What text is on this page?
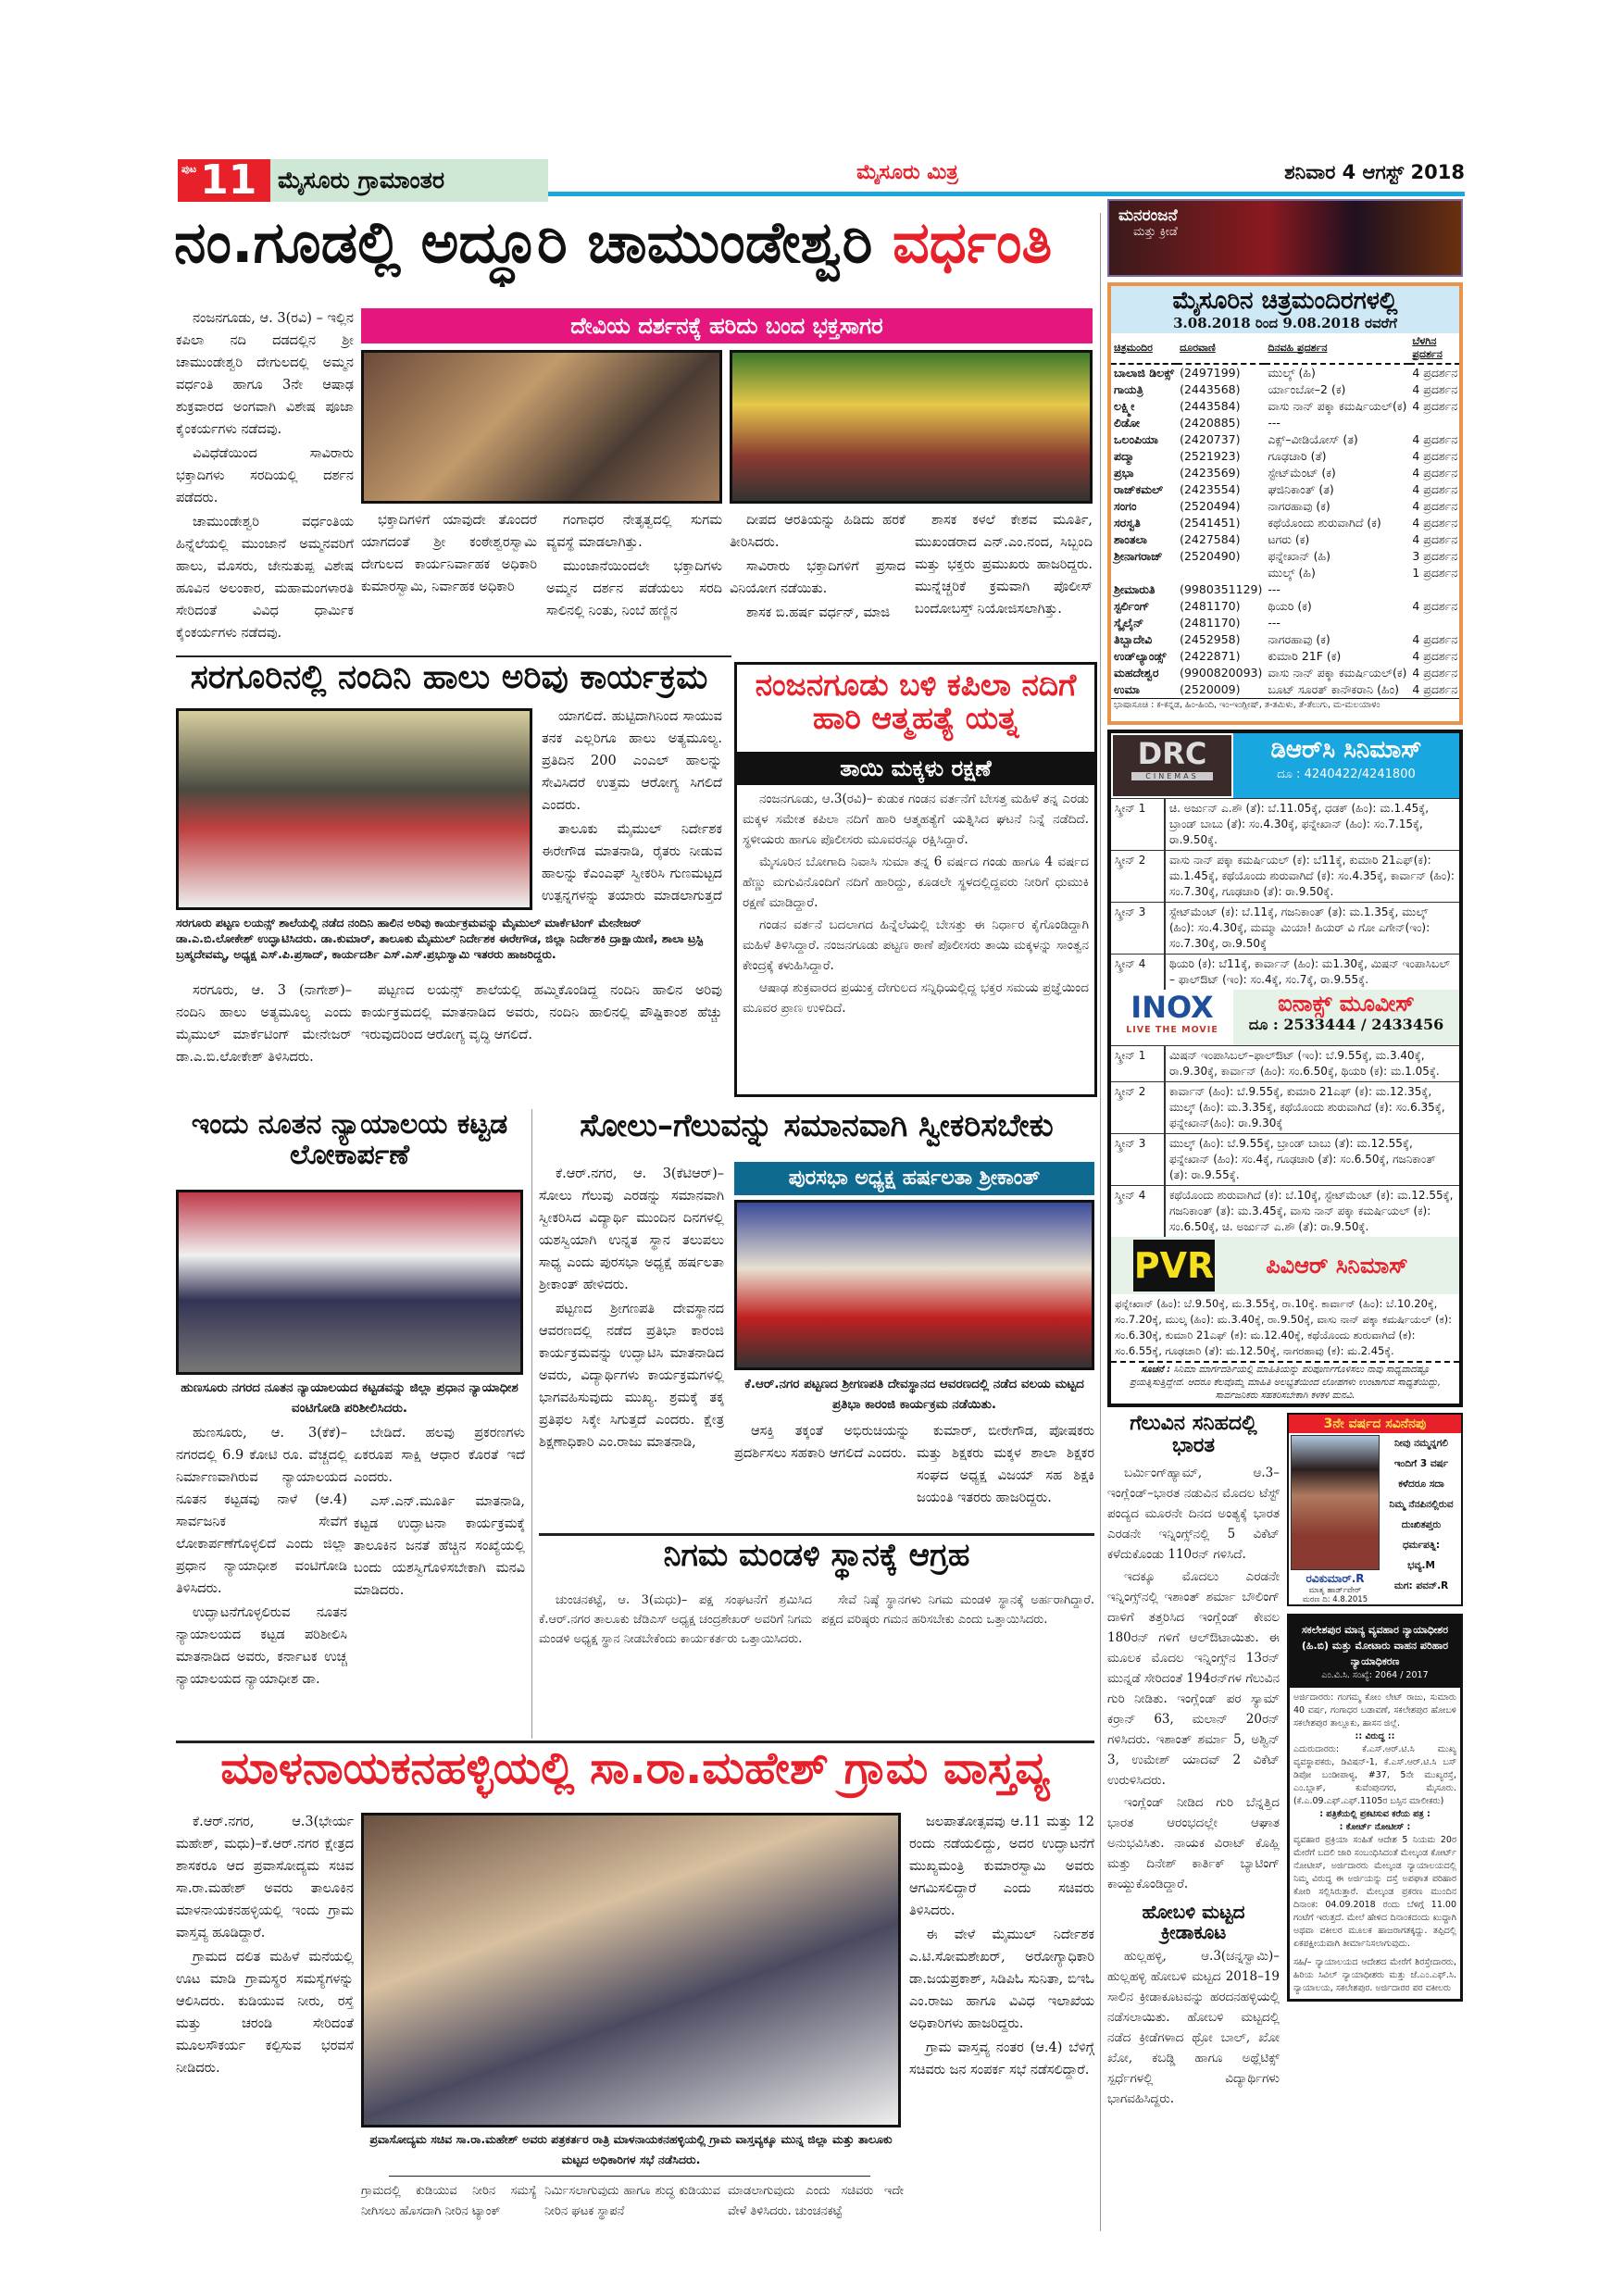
ಪುಟ 11 ಮೈಸೂರು ಗ್ರಾಮಾಂತರ	ಮೈಸೂರು ಮಿತ್ರ	ಶನಿವಾರ 4 ಆಗಸ್ಟ್ 2018
ನಂ.ಗೂಡಲ್ಲಿ ಅದ್ಧೂರಿ ಚಾಮುಂಡೇಶ್ವರಿ ವರ್ಧಂತಿ
ದೇವಿಯ ದರ್ಶನಕ್ಕೆ ಹರಿದು ಬಂದ ಭಕ್ತಸಾಗರ

ನಂಜನಗೂಡು, ಆ. 3(ರವಿ) – ಇಲ್ಲಿನ ಕಪಿಲಾ ನದಿ ದಡದಲ್ಲಿನ ಶ್ರೀ ಚಾಮುಂಡೇಶ್ವರಿ ದೇಗುಲದಲ್ಲಿ ಅಮ್ಮನ ವರ್ಧಂತಿ ಹಾಗೂ 3ನೇ ಆಷಾಢ ಶುಕ್ರವಾರದ ಅಂಗವಾಗಿ ವಿಶೇಷ ಪೂಜಾ ಕೈಂಕರ್ಯಗಳು ನಡೆದವು.

ವಿವಿಧೆಡೆಯಿಂದ ಸಾವಿರಾರು ಭಕ್ತಾದಿಗಳು ಸರದಿಯಲ್ಲಿ ದರ್ಶನ ಪಡೆದರು.

ಚಾಮುಂಡೇಶ್ವರಿ ವರ್ಧಂತಿಯ ಹಿನ್ನೆಲೆಯಲ್ಲಿ ಮುಂಜಾನೆ ಅಮ್ಮನವರಿಗೆ ಹಾಲು, ಮೊಸರು, ಜೇನುತುಪ್ಪ ವಿಶೇಷ ಹೂವಿನ ಅಲಂಕಾರ, ಮಹಾಮಂಗಳಾರತಿ ಸೇರಿದಂತೆ ವಿವಿಧ ಧಾರ್ಮಿಕ ಕೈಂಕರ್ಯಗಳು ನಡೆದವು.

ಭಕ್ತಾದಿಗಳಿಗೆ ಯಾವುದೇ ತೊಂದರೆ ಯಾಗದಂತೆ ಶ್ರೀ ಕಂಠೇಶ್ವರಸ್ವಾಮಿ ದೇಗುಲದ ಕಾರ್ಯನಿರ್ವಾಹಕ ಅಧಿಕಾರಿ ಕುಮಾರಸ್ವಾಮಿ, ನಿರ್ವಾಹಕ ಅಧಿಕಾರಿ

ಗಂಗಾಧರ ನೇತೃತ್ವದಲ್ಲಿ ಸುಗಮ ವ್ಯವಸ್ಥೆ ಮಾಡಲಾಗಿತ್ತು.

ಮುಂಜಾನೆಯಿಂದಲೇ ಭಕ್ತಾದಿಗಳು ಅಮ್ಮನ ದರ್ಶನ ಪಡೆಯಲು ಸರದಿ ಸಾಲಿನಲ್ಲಿ ನಿಂತು, ನಿಂಬೆ ಹಣ್ಣಿನ

ದೀಪದ ಆರತಿಯನ್ನು ಹಿಡಿದು ಹರಕೆ ತೀರಿಸಿದರು.

ಸಾವಿರಾರು ಭಕ್ತಾದಿಗಳಿಗೆ ಪ್ರಸಾದ ವಿನಿಯೋಗ ನಡೆಯಿತು.

ಶಾಸಕ ಬಿ.ಹರ್ಷ ವರ್ಧನ್, ಮಾಜಿ

ಶಾಸಕ ಕಳಲೆ ಕೇಶವ ಮೂರ್ತಿ, ಮುಖಂಡರಾದ ಎನ್.ಎಂ.ನಂದ, ಸಿಬ್ಬಂದಿ ಮತ್ತು ಭಕ್ತರು ಪ್ರಮುಖರು ಹಾಜರಿದ್ದರು. ಮುನ್ನೆಚ್ಚರಿಕೆ ಕ್ರಮವಾಗಿ ಪೊಲೀಸ್ ಬಂದೋಬಸ್ತ್ ನಿಯೋಜಿಸಲಾಗಿತ್ತು.

ಸರಗೂರಿನಲ್ಲಿ ನಂದಿನಿ ಹಾಲು ಅರಿವು ಕಾರ್ಯಕ್ರಮ

ಯಾಗಲಿದೆ. ಹುಟ್ಟಿದಾಗಿನಿಂದ ಸಾಯುವ ತನಕ ಎಲ್ಲರಿಗೂ ಹಾಲು ಅತ್ಯಮೂಲ್ಯ. ಪ್ರತಿದಿನ 200 ಎಂಎಲ್ ಹಾಲನ್ನು ಸೇವಿಸಿದರೆ ಉತ್ತಮ ಆರೋಗ್ಯ ಸಿಗಲಿದೆ ಎಂದರು.

ತಾಲೂಕು ಮೈಮುಲ್ ನಿರ್ದೇಶಕ ಈರೇಗೌಡ ಮಾತನಾಡಿ, ರೈತರು ನೀಡುವ ಹಾಲನ್ನು ಕೆಎಂಎಫ್ ಸ್ವೀಕರಿಸಿ ಗುಣಮಟ್ಟದ ಉತ್ಪನ್ನಗಳನ್ನು ತಯಾರು ಮಾಡಲಾಗುತ್ತದೆ

ಸರಗೂರು ಪಟ್ಟಣ ಲಯನ್ಸ್ ಶಾಲೆಯಲ್ಲಿ ನಡೆದ ನಂದಿನಿ ಹಾಲಿನ ಅರಿವು ಕಾರ್ಯಕ್ರಮವನ್ನು ಮೈಮುಲ್ ಮಾರ್ಕೆಟಿಂಗ್ ಮೇನೇಜರ್ ಡಾ.ಎ.ಬಿ.ಲೋಕೇಶ್ ಉದ್ಘಾಟಿಸಿದರು. ಡಾ.ಕುಮಾರ್, ತಾಲೂಕು ಮೈಮುಲ್ ನಿರ್ದೇಶಕ ಈರೇಗೌಡ, ಜಿಲ್ಲಾ ನಿರ್ದೇಶಕಿ ದ್ರಾಕ್ಷಾಯಿಣಿ, ಶಾಲಾ ಟ್ರಸ್ಟಿ ಬ್ರಹ್ಮದೇವಮ್ಮ, ಅಧ್ಯಕ್ಷ ಎಸ್.ಪಿ.ಪ್ರಸಾದ್, ಕಾರ್ಯದರ್ಶಿ ಎಸ್.ಎಸ್.ಪ್ರಭುಸ್ವಾಮಿ ಇತರರು ಹಾಜರಿದ್ದರು.

ಸರಗೂರು, ಆ. 3 (ನಾಗೇಶ್)– ನಂದಿನಿ ಹಾಲು ಅತ್ಯಮೂಲ್ಯ ಎಂದು ಮೈಮುಲ್ ಮಾರ್ಕೆಟಿಂಗ್ ಮೇನೇಜರ್ ಡಾ.ಎ.ಬಿ.ಲೋಕೇಶ್ ತಿಳಿಸಿದರು.

ಪಟ್ಟಣದ ಲಯನ್ಸ್ ಶಾಲೆಯಲ್ಲಿ ಹಮ್ಮಿಕೊಂಡಿದ್ದ ನಂದಿನಿ ಹಾಲಿನ ಅರಿವು ಕಾರ್ಯಕ್ರಮದಲ್ಲಿ ಮಾತನಾಡಿದ ಅವರು, ನಂದಿನಿ ಹಾಲಿನಲ್ಲಿ ಪೌಷ್ಟಿಕಾಂಶ ಹೆಚ್ಚು ಇರುವುದರಿಂದ ಆರೋಗ್ಯ ವೃದ್ಧಿ ಆಗಲಿದೆ.

ನಂಜನಗೂಡು ಬಳಿ ಕಪಿಲಾ ನದಿಗೆ ಹಾರಿ ಆತ್ಮಹತ್ಯೆ ಯತ್ನ
ತಾಯಿ ಮಕ್ಕಳು ರಕ್ಷಣೆ

ನಂಜನಗೂಡು, ಆ.3(ರವಿ)– ಕುಡುಕ ಗಂಡನ ವರ್ತನೆಗೆ ಬೇಸತ್ತ ಮಹಿಳೆ ತನ್ನ ಎರಡು ಮಕ್ಕಳ ಸಮೇತ ಕಪಿಲಾ ನದಿಗೆ ಹಾರಿ ಆತ್ಮಹತ್ಯೆಗೆ ಯತ್ನಿಸಿದ ಘಟನೆ ನಿನ್ನೆ ನಡೆದಿದೆ. ಸ್ಥಳೀಯರು ಹಾಗೂ ಪೊಲೀಸರು ಮೂವರನ್ನೂ ರಕ್ಷಿಸಿದ್ದಾರೆ.

ಮೈಸೂರಿನ ಬೋಗಾದಿ ನಿವಾಸಿ ಸುಮಾ ತನ್ನ 6 ವರ್ಷದ ಗಂಡು ಹಾಗೂ 4 ವರ್ಷದ ಹೆಣ್ಣು ಮಗುವಿನೊಂದಿಗೆ ನದಿಗೆ ಹಾರಿದ್ದು, ಕೂಡಲೇ ಸ್ಥಳದಲ್ಲಿದ್ದವರು ನೀರಿಗೆ ಧುಮುಕಿ ರಕ್ಷಣೆ ಮಾಡಿದ್ದಾರೆ.

ಗಂಡನ ವರ್ತನೆ ಬದಲಾಗದ ಹಿನ್ನೆಲೆಯಲ್ಲಿ ಬೇಸತ್ತು ಈ ನಿರ್ಧಾರ ಕೈಗೊಂಡಿದ್ದಾಗಿ ಮಹಿಳೆ ತಿಳಿಸಿದ್ದಾರೆ. ನಂಜನಗೂಡು ಪಟ್ಟಣ ಠಾಣೆ ಪೊಲೀಸರು ತಾಯಿ ಮಕ್ಕಳನ್ನು ಸಾಂತ್ವನ ಕೇಂದ್ರಕ್ಕೆ ಕಳುಹಿಸಿದ್ದಾರೆ.

ಆಷಾಢ ಶುಕ್ರವಾರದ ಪ್ರಯುಕ್ತ ದೇಗುಲದ ಸನ್ನಿಧಿಯಲ್ಲಿದ್ದ ಭಕ್ತರ ಸಮಯ ಪ್ರಜ್ಞೆಯಿಂದ ಮೂವರ ಪ್ರಾಣ ಉಳಿದಿದೆ.

ಇಂದು ನೂತನ ನ್ಯಾಯಾಲಯ ಕಟ್ಟಡ ಲೋಕಾರ್ಪಣೆ
ಹುಣಸೂರು ನಗರದ ನೂತನ ನ್ಯಾಯಾಲಯದ ಕಟ್ಟಡವನ್ನು ಜಿಲ್ಲಾ ಪ್ರಧಾನ ನ್ಯಾಯಾಧೀಶ ವಂಟಿಗೋಡಿ ಪರಿಶೀಲಿಸಿದರು.

ಹುಣಸೂರು, ಆ. 3(ಕೆಕೆ)– ನಗರದಲ್ಲಿ 6.9 ಕೋಟಿ ರೂ. ವೆಚ್ಚದಲ್ಲಿ ನಿರ್ಮಾಣವಾಗಿರುವ ನ್ಯಾಯಾಲಯದ ನೂತನ ಕಟ್ಟಡವು ನಾಳೆ (ಆ.4) ಸಾರ್ವಜನಿಕ ಸೇವೆಗೆ ಲೋಕಾರ್ಪಣೆಗೊಳ್ಳಲಿದೆ ಎಂದು ಜಿಲ್ಲಾ ಪ್ರಧಾನ ನ್ಯಾಯಾಧೀಶ ವಂಟಿಗೋಡಿ ತಿಳಿಸಿದರು.

ಉದ್ಘಾಟನೆಗೊಳ್ಳಲಿರುವ ನೂತನ ನ್ಯಾಯಾಲಯದ ಕಟ್ಟಡ ಪರಿಶೀಲಿಸಿ ಮಾತನಾಡಿದ ಅವರು, ಕರ್ನಾಟಕ ಉಚ್ಚ ನ್ಯಾಯಾಲಯದ ನ್ಯಾಯಾಧೀಶ ಡಾ.

ಬೇಡಿದೆ. ಹಲವು ಪ್ರಕರಣಗಳು ಏಕರೂಪ ಸಾಕ್ಷಿ ಆಧಾರ ಕೊರತೆ ಇದೆ ಎಂದರು.

ಎಸ್.ಎನ್.ಮೂರ್ತಿ ಮಾತನಾಡಿ, ಕಟ್ಟಡ ಉದ್ಘಾಟನಾ ಕಾರ್ಯಕ್ರಮಕ್ಕೆ ತಾಲೂಕಿನ ಜನತೆ ಹೆಚ್ಚಿನ ಸಂಖ್ಯೆಯಲ್ಲಿ ಬಂದು ಯಶಸ್ವಿಗೊಳಿಸಬೇಕಾಗಿ ಮನವಿ ಮಾಡಿದರು.

ಸೋಲು–ಗೆಲುವನ್ನು ಸಮಾನವಾಗಿ ಸ್ವೀಕರಿಸಬೇಕು

ಕೆ.ಆರ್.ನಗರ, ಆ. 3(ಕೆಟಿಆರ್)– ಸೋಲು ಗೆಲುವು ಎರಡನ್ನು ಸಮಾನವಾಗಿ ಸ್ವೀಕರಿಸಿದ ವಿದ್ಯಾರ್ಥಿ ಮುಂದಿನ ದಿನಗಳಲ್ಲಿ ಯಶಸ್ವಿಯಾಗಿ ಉನ್ನತ ಸ್ಥಾನ ತಲುಪಲು ಸಾಧ್ಯ ಎಂದು ಪುರಸಭಾ ಅಧ್ಯಕ್ಷೆ ಹರ್ಷಲತಾ ಶ್ರೀಕಾಂತ್ ಹೇಳಿದರು.

ಪಟ್ಟಣದ ಶ್ರೀಗಣಪತಿ ದೇವಸ್ಥಾನದ ಆವರಣದಲ್ಲಿ ನಡೆದ ಪ್ರತಿಭಾ ಕಾರಂಜಿ ಕಾರ್ಯಕ್ರಮವನ್ನು ಉದ್ಘಾಟಿಸಿ ಮಾತನಾಡಿದ ಅವರು, ವಿದ್ಯಾರ್ಥಿಗಳು ಕಾರ್ಯಕ್ರಮಗಳಲ್ಲಿ ಭಾಗವಹಿಸುವುದು ಮುಖ್ಯ. ಶ್ರಮಕ್ಕೆ ತಕ್ಕ ಪ್ರತಿಫಲ ಸಿಕ್ಕೇ ಸಿಗುತ್ತದೆ ಎಂದರು. ಕ್ಷೇತ್ರ ಶಿಕ್ಷಣಾಧಿಕಾರಿ ಎಂ.ರಾಜು ಮಾತನಾಡಿ,

ಪುರಸಭಾ ಅಧ್ಯಕ್ಷ ಹರ್ಷಲತಾ ಶ್ರೀಕಾಂತ್
ಕೆ.ಆರ್.ನಗರ ಪಟ್ಟಣದ ಶ್ರೀಗಣಪತಿ ದೇವಸ್ಥಾನದ ಆವರಣದಲ್ಲಿ ನಡೆದ ವಲಯ ಮಟ್ಟದ ಪ್ರತಿಭಾ ಕಾರಂಜಿ ಕಾರ್ಯಕ್ರಮ ನಡೆಯಿತು.

ಆಸಕ್ತಿ ತಕ್ಕಂತೆ ಅಭಿರುಚಿಯನ್ನು ಪ್ರದರ್ಶಿಸಲು ಸಹಕಾರಿ ಆಗಲಿದೆ ಎಂದರು.

ಕುಮಾರ್, ಬೀರೇಗೌಡ, ಪೋಷಕರು ಮತ್ತು ಶಿಕ್ಷಕರು ಮಕ್ಕಳ ಶಾಲಾ ಶಿಕ್ಷಕರ ಸಂಘದ ಅಧ್ಯಕ್ಷ ವಿಜಯ್ ಸಹ ಶಿಕ್ಷಕಿ ಜಯಂತಿ ಇತರರು ಹಾಜರಿದ್ದರು.

ನಿಗಮ ಮಂಡಳಿ ಸ್ಥಾನಕ್ಕೆ ಆಗ್ರಹ

ಚುಂಚನಕಟ್ಟೆ, ಆ. 3(ಮಧು)– ಪಕ್ಷ ಸಂಘಟನೆಗೆ ಶ್ರಮಿಸಿದ ಕೆ.ಆರ್.ನಗರ ತಾಲೂಕು ಜೆಡಿಎಸ್ ಅಧ್ಯಕ್ಷ ಚಂದ್ರಶೇಖರ್ ಅವರಿಗೆ ನಿಗಮ ಮಂಡಳಿ ಅಧ್ಯಕ್ಷ ಸ್ಥಾನ ನೀಡಬೇಕೆಂದು ಕಾರ್ಯಕರ್ತರು ಒತ್ತಾಯಿಸಿದರು.

ಸೇವೆ ನಿಷ್ಠೆ ಸ್ಥಾನಗಳು ನಿಗಮ ಮಂಡಳಿ ಸ್ಥಾನಕ್ಕೆ ಅರ್ಹರಾಗಿದ್ದಾರೆ. ಪಕ್ಷದ ವರಿಷ್ಠರು ಗಮನ ಹರಿಸಬೇಕು ಎಂದು ಒತ್ತಾಯಿಸಿದರು.

ಮಾಳನಾಯಕನಹಳ್ಳಿಯಲ್ಲಿ ಸಾ.ರಾ.ಮಹೇಶ್ ಗ್ರಾಮ ವಾಸ್ತವ್ಯ

ಕೆ.ಆರ್.ನಗರ, ಆ.3(ಭೇರ್ಯ ಮಹೇಶ್, ಮಧು)–ಕೆ.ಆರ್.ನಗರ ಕ್ಷೇತ್ರದ ಶಾಸಕರೂ ಆದ ಪ್ರವಾಸೋದ್ಯಮ ಸಚಿವ ಸಾ.ರಾ.ಮಹೇಶ್ ಅವರು ತಾಲೂಕಿನ ಮಾಳನಾಯಕನಹಳ್ಳಿಯಲ್ಲಿ ಇಂದು ಗ್ರಾಮ ವಾಸ್ತವ್ಯ ಹೂಡಿದ್ದಾರೆ.

ಗ್ರಾಮದ ದಲಿತ ಮಹಿಳೆ ಮನೆಯಲ್ಲಿ ಊಟ ಮಾಡಿ ಗ್ರಾಮಸ್ಥರ ಸಮಸ್ಯೆಗಳನ್ನು ಆಲಿಸಿದರು. ಕುಡಿಯುವ ನೀರು, ರಸ್ತೆ ಮತ್ತು ಚರಂಡಿ ಸೇರಿದಂತೆ ಮೂಲಸೌಕರ್ಯ ಕಲ್ಪಿಸುವ ಭರವಸೆ ನೀಡಿದರು.

ಪ್ರವಾಸೋದ್ಯಮ ಸಚಿವ ಸಾ.ರಾ.ಮಹೇಶ್ ಅವರು ಪತ್ರಕರ್ತರ ರಾತ್ರಿ ಮಾಳನಾಯಕನಹಳ್ಳಿಯಲ್ಲಿ ಗ್ರಾಮ ವಾಸ್ತವ್ಯಕ್ಕೂ ಮುನ್ನ ಜಿಲ್ಲಾ ಮತ್ತು ತಾಲೂಕು ಮಟ್ಟದ ಅಧಿಕಾರಿಗಳ ಸಭೆ ನಡೆಸಿದರು.
ಗ್ರಾಮದಲ್ಲಿ ಕುಡಿಯುವ ನೀರಿನ ಸಮಸ್ಯೆ ನೀಗಿಸಲು ಹೊಸದಾಗಿ ನೀರಿನ ಟ್ಯಾಂಕ್
ನಿರ್ಮಿಸಲಾಗುವುದು ಹಾಗೂ ಶುದ್ಧ ಕುಡಿಯುವ ನೀರಿನ ಘಟಕ ಸ್ಥಾಪನೆ
ಮಾಡಲಾಗುವುದು ಎಂದು ಸಚಿವರು ಇದೇ ವೇಳೆ ತಿಳಿಸಿದರು. ಚುಂಚನಕಟ್ಟೆ

ಜಲಪಾತೋತ್ಸವವು ಆ.11 ಮತ್ತು 12 ರಂದು ನಡೆಯಲಿದ್ದು, ಅದರ ಉದ್ಘಾಟನೆಗೆ ಮುಖ್ಯಮಂತ್ರಿ ಕುಮಾರಸ್ವಾಮಿ ಅವರು ಆಗಮಿಸಲಿದ್ದಾರೆ ಎಂದು ಸಚಿವರು ತಿಳಿಸಿದರು.

ಈ ವೇಳೆ ಮೈಮುಲ್ ನಿರ್ದೇಶಕ ಎ.ಟಿ.ಸೋಮಶೇಖರ್, ಅರೋಗ್ಯಾಧಿಕಾರಿ ಡಾ.ಜಯಪ್ರಕಾಶ್, ಸಿಡಿಪಿಓ ಸುನಿತಾ, ಬಿಇಓ ಎಂ.ರಾಜು ಹಾಗೂ ವಿವಿಧ ಇಲಾಖೆಯ ಅಧಿಕಾರಿಗಳು ಹಾಜರಿದ್ದರು.

ಗ್ರಾಮ ವಾಸ್ತವ್ಯ ನಂತರ (ಆ.4) ಬೆಳಿಗ್ಗೆ ಸಚಿವರು ಜನ ಸಂಪರ್ಕ ಸಭೆ ನಡೆಸಲಿದ್ದಾರೆ.

ಮನರಂಜನೆ
ಮತ್ತು ಕ್ರೀಡೆ
ಮೈಸೂರಿನ ಚಿತ್ರಮಂದಿರಗಳಲ್ಲಿ
3.08.2018 ರಿಂದ 9.08.2018 ರವರೆಗೆ
ಚಿತ್ರಮಂದಿರ	ದೂರವಾಣಿ	ದಿನವಹಿ ಪ್ರದರ್ಶನ	ಬೆಳಗಿನ ಪ್ರದರ್ಶನ
ಬಾಲಾಜಿ ಡಿಲಕ್ಸ್	(2497199)	ಮುಲ್ಕ್ (ಹಿ)	4 ಪ್ರದರ್ಶನ
ಗಾಯತ್ರಿ	(2443568)	ರ್ಯಾಂಬೋ–2 (ಕ)	4 ಪ್ರದರ್ಶನ
ಲಕ್ಷ್ಮೀ	(2443584)	ವಾಸು ನಾನ್ ಪಕ್ಕಾ ಕಮರ್ಷಿಯಲ್(ಕ)	4 ಪ್ರದರ್ಶನ
ಲಿಡೋ	(2420885)	---	
ಒಲಂಪಿಯಾ	(2420737)	ಎಕ್ಸ್–ವೀಡಿಯೋಸ್ (ತ)	4 ಪ್ರದರ್ಶನ
ಪದ್ಮಾ	(2521923)	ಗೂಢಚಾರಿ (ತೆ)	4 ಪ್ರದರ್ಶನ
ಪ್ರಭಾ	(2423569)	ಸ್ಟೇಟ್‌ಮೆಂಟ್ (ಕ)	4 ಪ್ರದರ್ಶನ
ರಾಜ್‌ಕಮಲ್	(2423554)	ಘಜಿನಿಕಾಂತ್ (ತ)	4 ಪ್ರದರ್ಶನ
ಸಂಗಂ	(2520494)	ನಾಗರಹಾವು (ಕ)	4 ಪ್ರದರ್ಶನ
ಸರಸ್ವತಿ	(2541451)	ಕಥೆಯೊಂದು ಶುರುವಾಗಿದೆ (ಕ)	4 ಪ್ರದರ್ಶನ
ಶಾಂತಲಾ	(2427584)	ಟಗರು (ಕ)	4 ಪ್ರದರ್ಶನ
ಶ್ರೀನಾಗರಾಜ್	(2520490)	ಫನ್ನೇಖಾನ್ (ಹಿ)	3 ಪ್ರದರ್ಶನ
		ಮುಲ್ಕ್ (ಹಿ)	1 ಪ್ರದರ್ಶನ
ಶ್ರೀಮಾರುತಿ	(9980351129)	---	
ಸ್ಟರ್ಲಿಂಗ್	(2481170)	ಥಿಯರಿ (ಕ)	4 ಪ್ರದರ್ಶನ
ಸ್ಕೈಲೈನ್	(2481170)	---	
ತಿಬ್ಬಾದೇವಿ	(2452958)	ನಾಗರಹಾವು (ಕ)	4 ಪ್ರದರ್ಶನ
ಉಡ್‌ಲ್ಯಾಂಡ್ಸ್	(2422871)	ಕುಮಾರಿ 21F (ಕ)	4 ಪ್ರದರ್ಶನ
ಮಹದೇಶ್ವರ	(9900820093)	ವಾಸು ನಾನ್ ಪಕ್ಕಾ ಕಮರ್ಷಿಯಲ್(ಕ)	4 ಪ್ರದರ್ಶನ
ಉಮಾ	(2520009)	ಬೂಟ್ ಸೂರತ್ ಕಾನೌಕರಾನಿ (ಹಿಂ)	4 ಪ್ರದರ್ಶನ
ಭಾಷಾಸೂಚಿ : ಕ-ಕನ್ನಡ, ಹಿಂ-ಹಿಂದಿ, ಇಂ-ಇಂಗ್ಲೀಷ್, ತ-ತಮಿಳು, ತೆ-ತೆಲುಗು, ಮ-ಮಲಯಾಳಂ
DRC
CINEMAS
ಡಿಆರ್‌ಸಿ ಸಿನಿಮಾಸ್
ದೂ : 4240422/4241800
ಸ್ಕ್ರೀನ್ 1	ಚಿ. ಅರ್ಜುನ್ ಎ.ಶೌ (ತೆ): ಬೆ.11.05ಕ್ಕೆ, ಧಡಕ್ (ಹಿಂ): ಮ.1.45ಕ್ಕೆ, ಬ್ರಾಂಡ್ ಬಾಬು (ತೆ): ಸಂ.4.30ಕ್ಕೆ, ಫನ್ನೇಖಾನ್ (ಹಿಂ): ಸಂ.7.15ಕ್ಕೆ, ರಾ.9.50ಕ್ಕೆ.
ಸ್ಕ್ರೀನ್ 2	ವಾಸು ನಾನ್ ಪಕ್ಕಾ ಕಮರ್ಷಿಯಲ್ (ಕ): ಬೆ11ಕ್ಕೆ, ಕುಮಾರಿ 21ಎಫ್(ಕ): ಮ.1.45ಕ್ಕೆ, ಕಥೆಯೊಂದು ಶುರುವಾಗಿದೆ (ಕ): ಸಂ.4.35ಕ್ಕೆ, ಕಾರ್ವಾನ್ (ಹಿಂ): ಸಂ.7.30ಕ್ಕೆ, ಗೂಢಚಾರಿ (ತೆ): ರಾ.9.50ಕ್ಕೆ.
ಸ್ಕ್ರೀನ್ 3	ಸ್ಟೇಟ್‌ಮೆಂಟ್ (ಕ): ಬೆ.11ಕ್ಕೆ, ಗಜನಿಕಾಂತ್ (ತ): ಮ.1.35ಕ್ಕೆ, ಮುಲ್ಕ್ (ಹಿಂ): ಸಂ.4.30ಕ್ಕೆ, ಮಮ್ಮಾ ಮಿಯಾ! ಹಿಯರ್ ವಿ ಗೋ ಎಗೇನ್(ಇಂ): ಸಂ.7.30ಕ್ಕೆ, ರಾ.9.50ಕ್ಕೆ
ಸ್ಕ್ರೀನ್ 4	ಥಿಯರಿ (ಕ): ಬೆ11ಕ್ಕೆ, ಕಾರ್ವಾನ್ (ಹಿಂ): ಮ1.30ಕ್ಕೆ, ಮಿಷನ್ ಇಂಪಾಸಿಬಲ್ – ಫಾಲ್‌ಔಟ್ (ಇಂ): ಸಂ.4ಕ್ಕೆ, ಸಂ.7ಕ್ಕೆ, ರಾ.9.55ಕ್ಕೆ.
INOX
LIVE THE MOVIE
ಐನಾಕ್ಸ್ ಮೂವೀಸ್
ದೂ : 2533444 / 2433456
ಸ್ಕ್ರೀನ್ 1	ಮಿಷನ್ ಇಂಪಾಸಿಬಲ್–ಫಾಲ್‌ಔಟ್ (ಇಂ): ಬೆ.9.55ಕ್ಕೆ, ಮ.3.40ಕ್ಕೆ, ರಾ.9.30ಕ್ಕೆ, ಕಾರ್ವಾನ್ (ಹಿಂ): ಸಂ.6.50ಕ್ಕೆ, ಥಿಯರಿ (ಕ): ಮ.1.05ಕ್ಕೆ.
ಸ್ಕ್ರೀನ್ 2	ಕಾರ್ವಾನ್ (ಹಿಂ): ಬೆ.9.55ಕ್ಕೆ, ಕುಮಾರಿ 21ಎಫ್ (ಕ): ಮ.12.35ಕ್ಕೆ, ಮುಲ್ಕ್ (ಹಿಂ): ಮ.3.35ಕ್ಕೆ, ಕಥೆಯೊಂದು ಶುರುವಾಗಿದೆ (ಕ): ಸಂ.6.35ಕ್ಕೆ, ಫನ್ನೇಖಾನ್(ಹಿಂ): ರಾ.9.30ಕ್ಕೆ
ಸ್ಕ್ರೀನ್ 3	ಮುಲ್ಕ್ (ಹಿಂ): ಬೆ.9.55ಕ್ಕೆ, ಬ್ರಾಂಡ್ ಬಾಬು (ತೆ): ಮ.12.55ಕ್ಕೆ, ಫನ್ನೇಖಾನ್ (ಹಿಂ): ಸಂ.4ಕ್ಕೆ, ಗೂಢಚಾರಿ (ತೆ): ಸಂ.6.50ಕ್ಕೆ, ಗಜನಿಕಾಂತ್ (ತ): ರಾ.9.55ಕ್ಕೆ.
ಸ್ಕ್ರೀನ್ 4	ಕಥೆಯೊಂದು ಶುರುವಾಗಿದೆ (ಕ): ಬೆ.10ಕ್ಕೆ, ಸ್ಟೇಟ್‌ಮೆಂಟ್ (ಕ): ಮ.12.55ಕ್ಕೆ, ಗಜನಿಕಾಂತ್ (ತ): ಮ.3.45ಕ್ಕೆ, ವಾಸು ನಾನ್ ಪಕ್ಕಾ ಕಮರ್ಷಿಯಲ್ (ಕ): ಸಂ.6.50ಕ್ಕೆ, ಚಿ. ಅರ್ಜುನ್ ಎ.ಶೌ (ತೆ): ರಾ.9.50ಕ್ಕೆ.
PVR	ಪಿವಿಆರ್ ಸಿನಿಮಾಸ್
ಫನ್ನೇಖಾನ್ (ಹಿಂ): ಬೆ.9.50ಕ್ಕೆ, ಮ.3.55ಕ್ಕೆ, ರಾ.10ಕ್ಕೆ. ಕಾರ್ವಾನ್ (ಹಿಂ): ಬೆ.10.20ಕ್ಕೆ, ಸಂ.7.20ಕ್ಕೆ, ಮುಲ್ಕ (ಹಿಂ): ಮ.3.40ಕ್ಕೆ, ರಾ.9.50ಕ್ಕೆ, ವಾಸು ನಾನ್ ಪಕ್ಕಾ ಕಮರ್ಷಿಯಲ್ (ಕ): ಸಂ.6.30ಕ್ಕೆ, ಕುಮಾರಿ 21ಎಫ್ (ಕ): ಮ.12.40ಕ್ಕೆ, ಕಥೆಯೊಂದು ಶುರುವಾಗಿದೆ (ಕ): ಸಂ.6.55ಕ್ಕೆ, ಗೂಢಚಾರಿ (ತೆ): ಮ.12.50ಕ್ಕೆ, ನಾಗರಹಾವು (ಕ): ಮ.2.45ಕ್ಕೆ.
ಸೂಚನೆ : ಸಿನಿಮಾ ಮಾರ್ಗದರ್ಶಿಯಲ್ಲಿ ಮಾಹಿತಿಯನ್ನು ಪರಿಪೂರ್ಣಗೊಳಿಸಲು ನಾವು ಸಾಧ್ಯವಾದಷ್ಟೂ ಪ್ರಯತ್ನಿಸುತ್ತಿದ್ದೇವೆ. ಆದರೂ ಕೆಲವೊಮ್ಮೆ ಮಾಹಿತಿ ಅಲಭ್ಯತೆಯಿಂದ ಲೋಪಗಳು ಉಂಟಾಗುವ ಸಾಧ್ಯತೆಯಿದ್ದು, ಸಾರ್ವಜನಿಕರು ಸಹಕರಿಸಬೇಕಾಗಿ ಕಳಕಳಿ ಮನವಿ.
ಗೆಲುವಿನ ಸನಿಹದಲ್ಲಿ ಭಾರತ

ಬರ್ಮಿಂಗ್‌ಹ್ಯಾಮ್, ಆ.3– ಇಂಗ್ಲೆಂಡ್–ಭಾರತ ನಡುವಿನ ಮೊದಲ ಟೆಸ್ಟ್ ಪಂದ್ಯದ ಮೂರನೇ ದಿನದ ಅಂತ್ಯಕ್ಕೆ ಭಾರತ ಎರಡನೇ ಇನ್ನಿಂಗ್ಸ್‌ನಲ್ಲಿ 5 ವಿಕೆಟ್ ಕಳೆದುಕೊಂಡು 110ರನ್ ಗಳಿಸಿದೆ.

ಇದಕ್ಕೂ ಮೊದಲು ಎರಡನೇ ಇನ್ನಿಂಗ್ಸ್‌ನಲ್ಲಿ ಇಶಾಂತ್ ಶರ್ಮಾ ಬೌಲಿಂಗ್ ದಾಳಿಗೆ ತತ್ತರಿಸಿದ ಇಂಗ್ಲೆಂಡ್ ಕೇವಲ 180ರನ್ ಗಳಿಗೆ ಆಲ್‌ಔಟಾಯಿತು. ಈ ಮೂಲಕ ಮೊದಲ ಇನ್ನಿಂಗ್ಸ್‌ನ 13ರನ್ ಮುನ್ನಡೆ ಸೇರಿದಂತೆ 194ರನ್‌ಗಳ ಗೆಲುವಿನ ಗುರಿ ನೀಡಿತು. ಇಂಗ್ಲೆಂಡ್ ಪರ ಸ್ಯಾಮ್ ಕರ್ರಾನ್ 63, ಮಲಾನ್ 20ರನ್ ಗಳಿಸಿದರು. ಇಶಾಂತ್ ಶರ್ಮಾ 5, ಅಶ್ವಿನ್ 3, ಉಮೇಶ್ ಯಾದವ್ 2 ವಿಕೆಟ್ ಉರುಳಿಸಿದರು.

ಇಂಗ್ಲೆಂಡ್ ನೀಡಿದ ಗುರಿ ಬೆನ್ನತ್ತಿದ ಭಾರತ ಆರಂಭದಲ್ಲೇ ಆಘಾತ ಅನುಭವಿಸಿತು. ನಾಯಕ ವಿರಾಟ್ ಕೊಹ್ಲಿ ಮತ್ತು ದಿನೇಶ್ ಕಾರ್ತಿಕ್ ಬ್ಯಾಟಿಂಗ್ ಕಾಯ್ದುಕೊಂಡಿದ್ದಾರೆ.

ಹೋಬಳಿ ಮಟ್ಟದ ಕ್ರೀಡಾಕೂಟ

ಹುಲ್ಲಹಳ್ಳಿ, ಆ.3(ಚನ್ನಸ್ವಾಮಿ)– ಹುಲ್ಲಹಳ್ಳಿ ಹೋಬಳಿ ಮಟ್ಟದ 2018–19 ಸಾಲಿನ ಕ್ರೀಡಾಕೂಟವನ್ನು ಹರದನಹಳ್ಳಿಯಲ್ಲಿ ನಡೆಸಲಾಯಿತು. ಹೋಬಳಿ ಮಟ್ಟದಲ್ಲಿ ನಡೆದ ಕ್ರೀಡೆಗಳಾದ ಥ್ರೋ ಬಾಲ್, ಖೋ ಖೋ, ಕಬಡ್ಡಿ ಹಾಗೂ ಅಥ್ಲೆಟಿಕ್ಸ್ ಸ್ಪರ್ಧೆಗಳಲ್ಲಿ ವಿದ್ಯಾರ್ಥಿಗಳು ಭಾಗವಹಿಸಿದ್ದರು.

3ನೇ ವರ್ಷದ ಸವಿನೆನಪು
ರವಿಕುಮಾರ್.R
ಮಾತೃ ಹಾರ್ಡ್‌ವೇರ್
ಮರಣ ದಿ: 4.8.2015
ನೀವು ನಮ್ಮನ್ನಗಲಿ
ಇಂದಿಗೆ 3 ವರ್ಷ
ಕಳೆದರೂ ಸದಾ
ನಿಮ್ಮ ನೆನಪಿನಲ್ಲಿರುವ
ದುಃಖಿತಪ್ತರು
ಧರ್ಮಪತ್ನಿ:
ಭವ್ಯ.M
ಮಗ: ಪವನ್.R
ಸಕಲೇಶಪುರ ಮಾನ್ಯ ವ್ಯವಹಾರ ನ್ಯಾಯಾಧೀಶರ (ಹಿ.ಬಿ) ಮತ್ತು ಮೋಟಾರು ವಾಹನ ಪರಿಹಾರ ನ್ಯಾಯಾಧಿಕರಣ
ಎಂ.ವಿ.ಸಿ. ಸಂಖ್ಯೆ: 2064 / 2017

ಅರ್ಜಿದಾರರು: ಗಂಗಮ್ಮ ಕೋಂ ಲೇಟ್ ರಾಜು, ಸುಮಾರು 40 ವರ್ಷ, ಗಂಗಾಧರ ಬಡಾವಣೆ, ಸಕಲೇಶಪುರ ಹೋಬಳಿ ಸಕಲೇಶಪುರ ತಾಲ್ಲೂಕು, ಹಾಸನ ಜಿಲ್ಲೆ.

:: ವಿರುದ್ಧ ::

ಎದುರುದಾರರು: ಕೆ.ಎಸ್.ಆರ್.ಟಿ.ಸಿ ಮುಖ್ಯ ವ್ಯವಸ್ಥಾಪಕರು, ಡಿವಿಷನ್-1, ಕೆ.ಎಸ್.ಆರ್.ಟಿ.ಸಿ ಬಸ್ ಡಿಪೋ ಬಂಡೀಪಾಳ್ಯ, #37, 5ನೇ ಮುಖ್ಯರಸ್ತೆ, ಎಂ.ಬ್ಲಾಕ್, ಕುವೆಂಪುನಗರ, ಮೈಸೂರು. (ಕೆ.ಎ.09.ಎಫ್.ಎಫ್.1105ರ ಬಸ್ಸಿನ ಮಾಲೀಕರು)

: ಪತ್ರಿಕೆಯಲ್ಲಿ ಪ್ರಕಟಿಸುವ ಕರೆಯ ಪತ್ರ :

: ಕೋರ್ಟ್ ನೋಟೀಸ್ :

ವ್ಯವಹಾರ ಪ್ರಕ್ರಿಯಾ ಸಂಹಿತೆ ಆದೇಶ 5 ನಿಯಮ 20ರ ಮೇರೆಗೆ ಬದಲಿ ಜಾರಿ ಸಂಬಂಧಿಸಿದಂತೆ ಮೇಲ್ಕಂಡ ಕೋರ್ಟ್ ನೋಟೀಸ್, ಅರ್ಜಿದಾರರು ಮೇಲ್ಕಂಡ ನ್ಯಾಯಾಲಯದಲ್ಲಿ ನಿಮ್ಮ ವಿರುದ್ಧ ಈ ಅರ್ಜಿಯನ್ನು ದಸ್ತೆ ಅಪಘಾತ ಪರಿಹಾರ ಕೋರಿ ಸಲ್ಲಿಸಿರುತ್ತಾರೆ. ಮೇಲ್ಕಂಡ ಪ್ರಕರಣ ಮುಂದಿನ ದಿನಾಂಕ: 04.09.2018 ರಂದು ಬೆಳಿಗ್ಗೆ 11.00 ಗಂಟೆಗೆ ಇರುತ್ತದೆ. ಮೇಲೆ ಹೇಳಿದ ದಿನಾಂಕದಂದು ಖುದ್ದಾಗಿ ಅಥವಾ ವಕೀಲರ ಮೂಲಕ ಹಾಜರಾಗತಕ್ಕದ್ದು. ತಪ್ಪಿದಲ್ಲಿ ಏಕಪಕ್ಷೀಯವಾಗಿ ತೀರ್ಮಾನಿಸಲಾಗುವುದು.

ಸಹಿ/– ನ್ಯಾಯಾಲಯದ ಆದೇಶದ ಮೇರೆಗೆ ಶಿರಸ್ತೇದಾರರು, ಹಿರಿಯ ಸಿವಿಲ್ ನ್ಯಾಯಾಧೀಶರು ಮತ್ತು ಜೆ.ಎಂ.ಎಫ್.ಸಿ. ನ್ಯಾಯಾಲಯ, ಸಕಲೇಶಪುರ. ಅರ್ಜಿದಾರರ ಪರ ವಕೀಲರು
